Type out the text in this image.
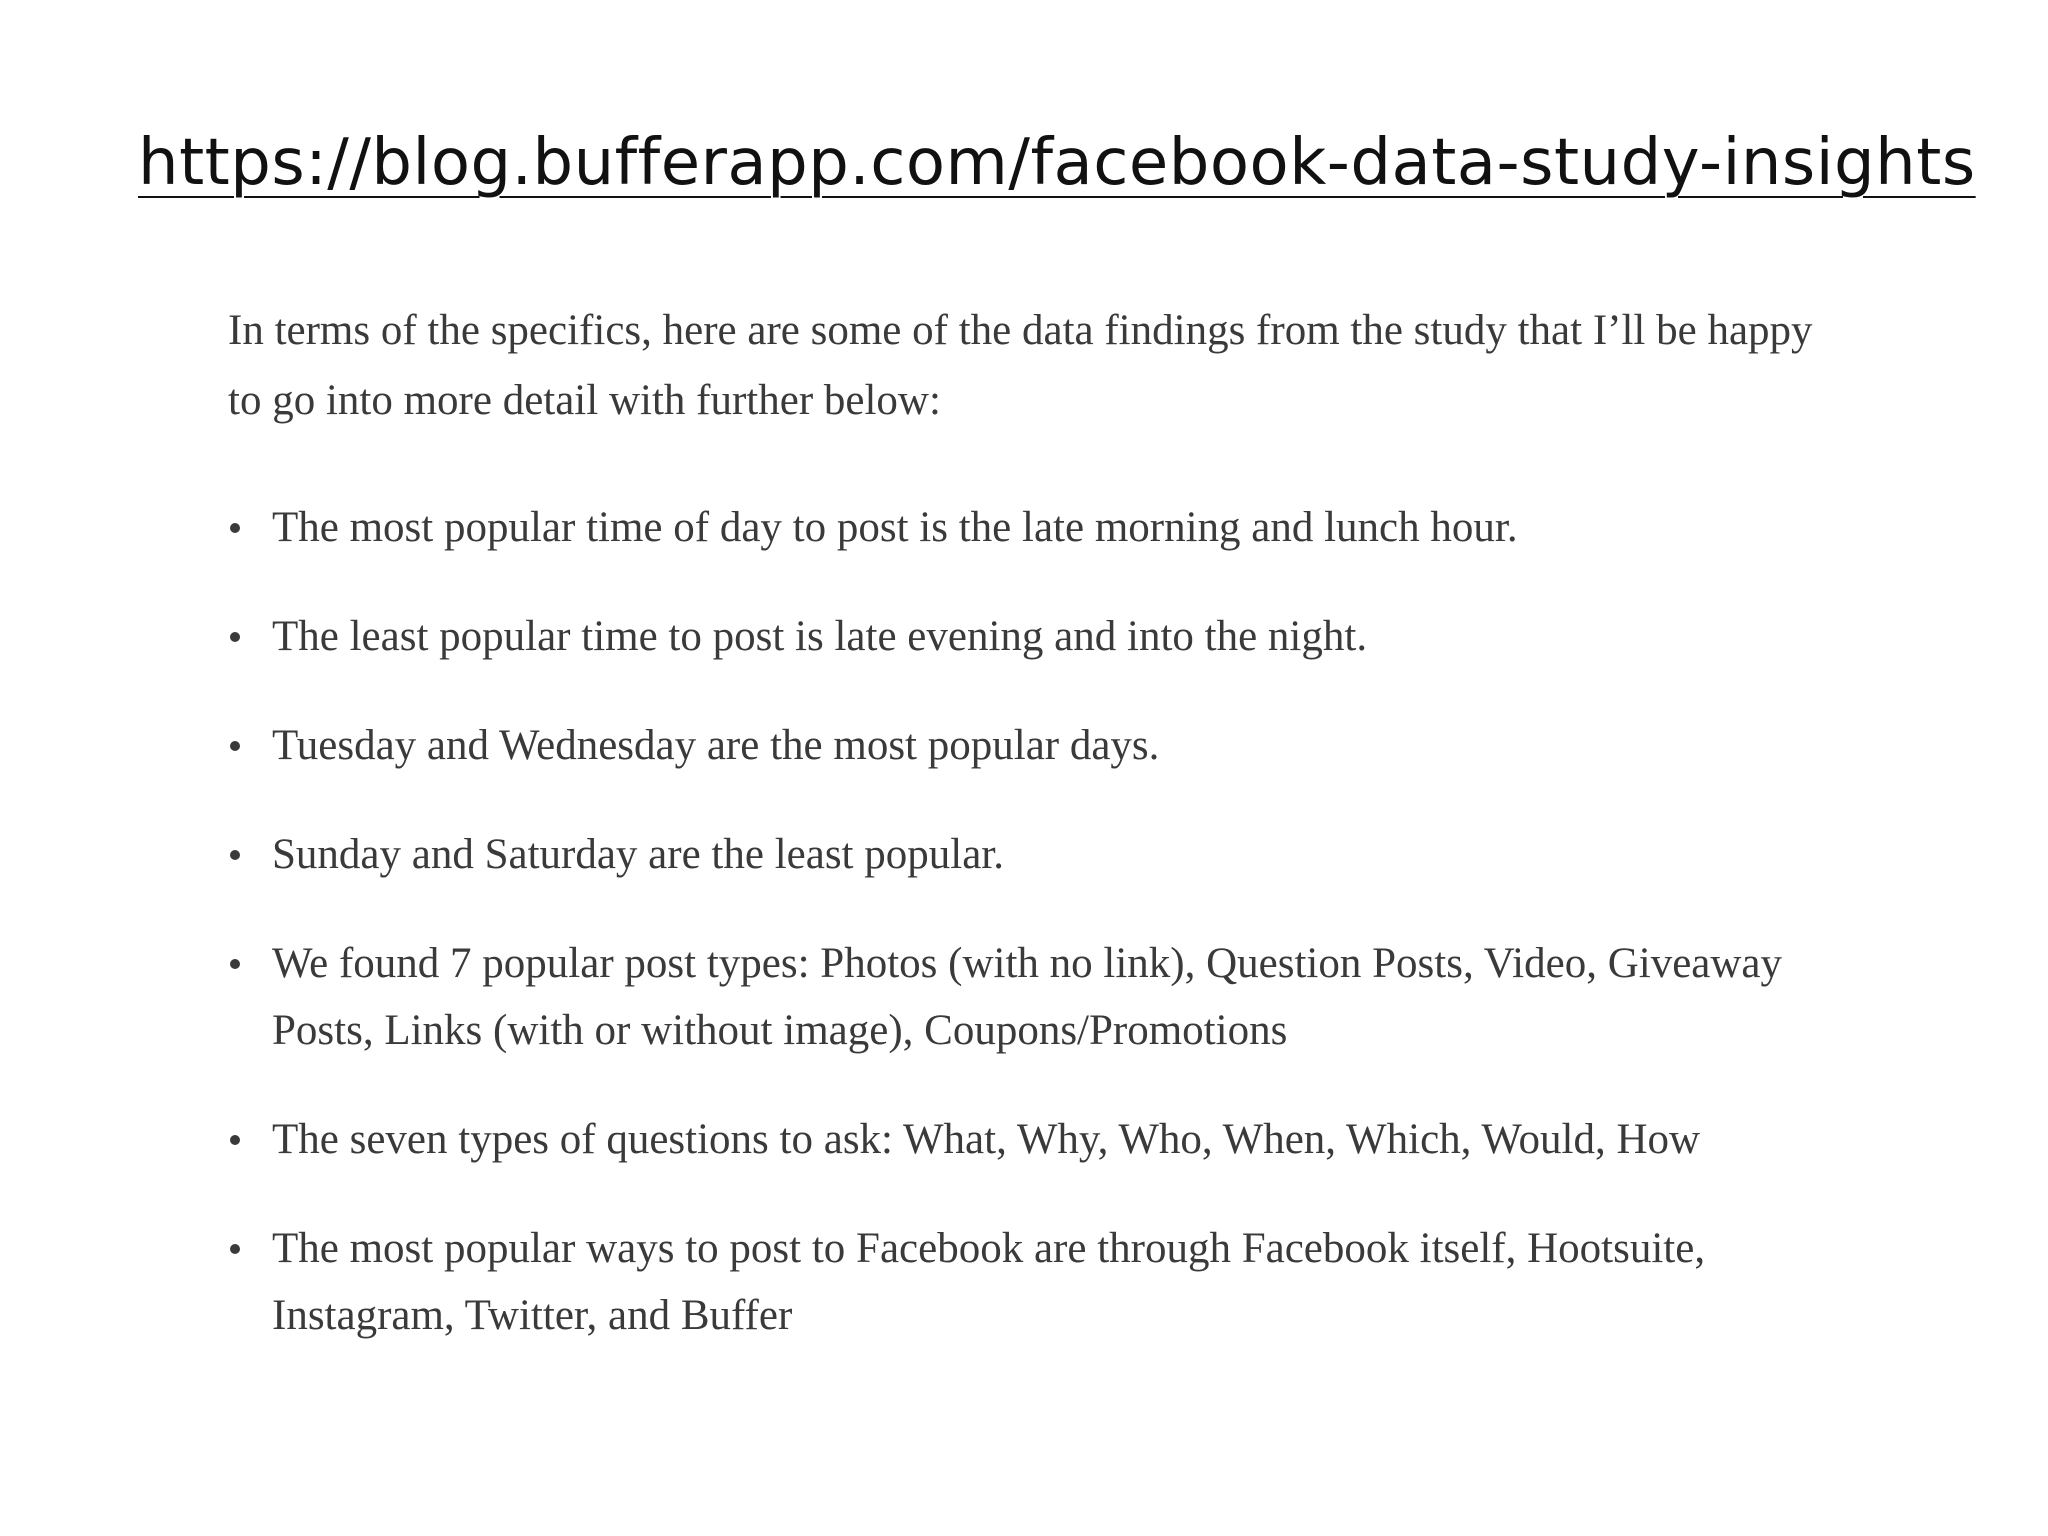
https://blog.bufferapp.com/facebook-data-study-insights

In terms of the specifics, here are some of the data findings from the study that I’ll be happy to go into more detail with further below:

The most popular time of day to post is the late morning and lunch hour.
The least popular time to post is late evening and into the night.
Tuesday and Wednesday are the most popular days.
Sunday and Saturday are the least popular.
We found 7 popular post types: Photos (with no link), Question Posts, Video, Giveaway Posts, Links (with or without image), Coupons/Promotions
The seven types of questions to ask: What, Why, Who, When, Which, Would, How
The most popular ways to post to Facebook are through Facebook itself, Hootsuite, Instagram, Twitter, and Buffer
